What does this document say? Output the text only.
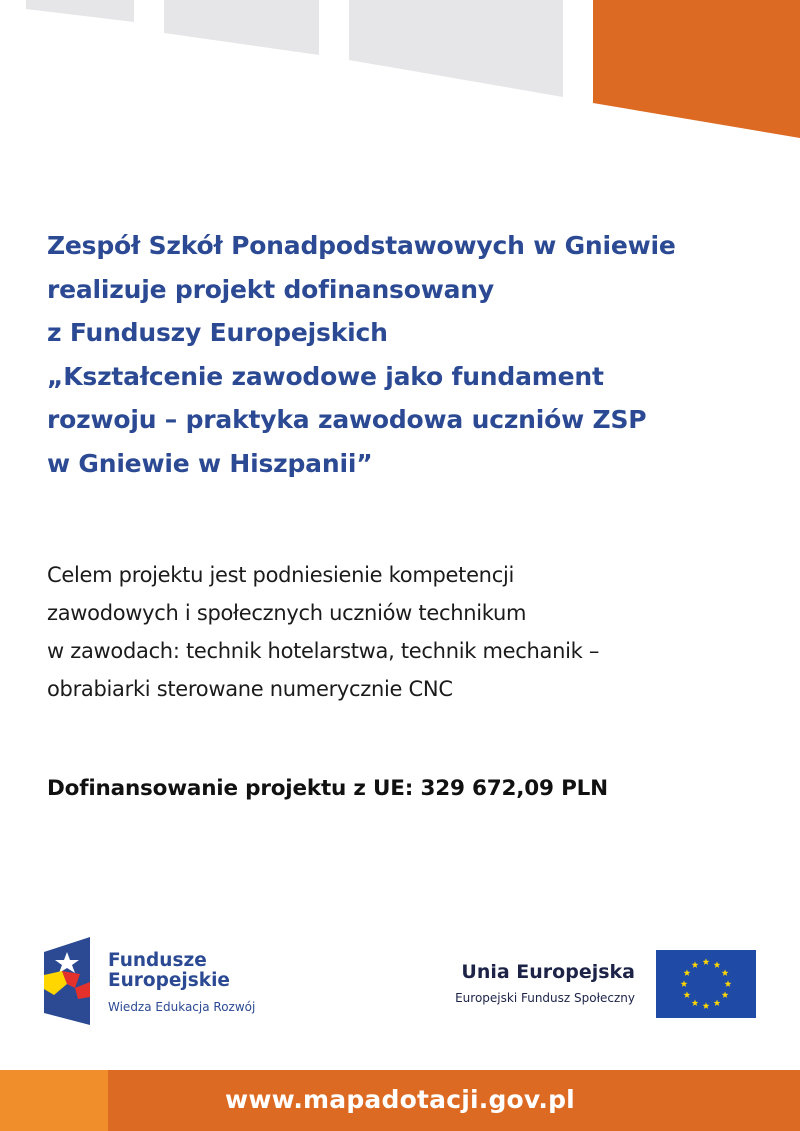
Zespół Szkół Ponadpodstawowych w Gniewie
realizuje projekt dofinansowany
z Funduszy Europejskich
„Kształcenie zawodowe jako fundament
rozwoju – praktyka zawodowa uczniów ZSP
w Gniewie w Hiszpanii”

Celem projektu jest podniesienie kompetencji
zawodowych i społecznych uczniów technikum
w zawodach: technik hotelarstwa, technik mechanik –
obrabiarki sterowane numerycznie CNC

Dofinansowanie projektu z UE: 329 672,09 PLN

Fundusze
Europejskie
Wiedza Edukacja Rozwój
Unia Europejska
Europejski Fundusz Społeczny
www.mapadotacji.gov.pl
